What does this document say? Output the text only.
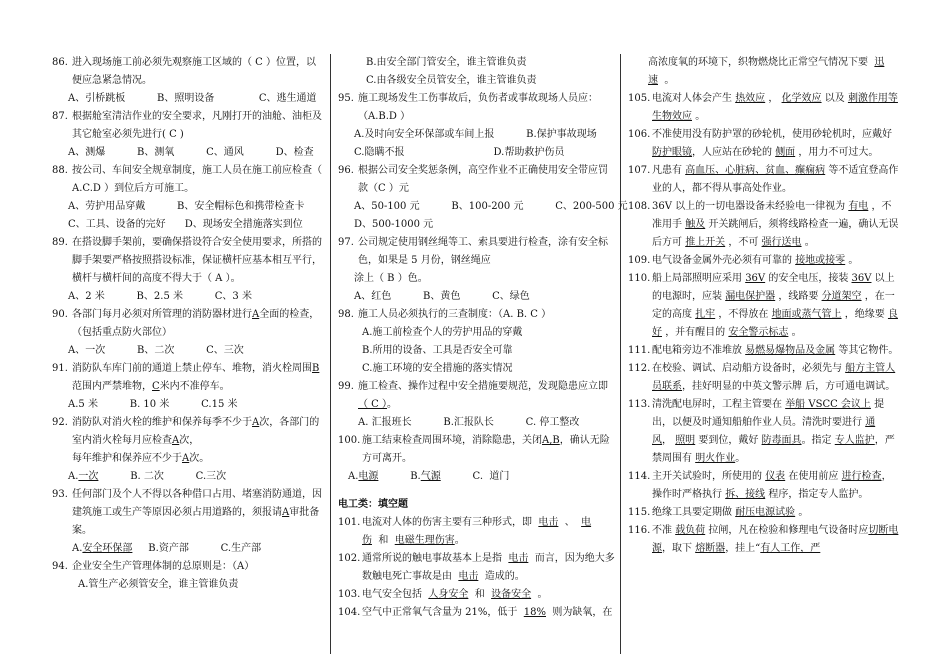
86. 进入现场施工前必须先观察施工区域的（ C ）位置，以便应急紧急情况。
A、引桥跳板          B、照明设备              C、逃生通道
87. 根据舱室清洁作业的安全要求，凡刚打开的油舱、油柜及其它舱室必须先进行( C )
A、测爆          B、测氧          C、通风          D、检查
88. 按公司、车间安全规章制度，施工人员在施工前应检查（ A.C.D ）到位后方可施工。
A、劳护用品穿戴          B、安全帽标色和携带检查卡
C、工具、设备的完好      D、现场安全措施落实到位
89. 在搭设脚手架前，要确保搭设符合安全使用要求，所搭的脚手架要严格按照搭设标准，保证横杆应基本相互平行，横杆与横杆间的高度不得大于（ A ）。
A、2 米          B、2.5 米          C、3 米
90. 各部门每月必须对所管理的消防器材进行A全面的检查，（包括重点防火部位）
A、一次          B、二次          C、三次
91. 消防队车库门前的通道上禁止停车、堆物，消火栓周围B范围内严禁堆物，C米内不准停车。
A.5 米          B. 10 米          C.15 米
92. 消防队对消火栓的维护和保养每季不少于A次，各部门的室内消火栓每月应检查A次，
每年维护和保养应不少于A次。
A.一次          B. 二次          C.三次
93. 任何部门及个人不得以各种借口占用、堵塞消防通道，因建筑施工或生产等原因必须占用道路的，须报请A审批备案。
A.安全环保部     B.资产部          C.生产部
94. 企业安全生产管理体制的总原则是：（A）
A.管生产必须管安全，谁主管谁负责
B.由安全部门管安全，谁主管谁负责
C.由各级安全员管安全，谁主管谁负责
95. 施工现场发生工伤事故后，负伤者或事故现场人员应：（A.B.D ）
A.及时向安全环保部或车间上报          B.保护事故现场
C.隐瞒不报                            D.帮助救护伤员
96. 根据公司安全奖惩条例，高空作业不正确使用安全带应罚款（C ）元
A、50-100 元          B、100-200 元          C、200-500 元
D、500-1000 元
97. 公司规定使用钢丝绳等工、索具要进行检查，涂有安全标色，如果是 5 月份，钢丝绳应
涂上（ B ）色。
A、红色          B、黄色          C、绿色
98. 施工人员必须执行的三查制度：（A. B. C ）
A.施工前检查个人的劳护用品的穿戴
B.所用的设备、工具是否安全可靠
C.施工环境的安全措施的落实情况
99. 施工检查、操作过程中安全措施要规范，发现隐患应立即（ C ）。
A. 汇报班长          B.汇报队长          C. 停工整改
100. 施工结束检查周围环境，消除隐患，关闭A,B，确认无险方可离开。
A.电源	B.气源	C.  道门
电工类：填空题
101. 电流对人体的伤害主要有三种形式，即 电击 、 电伤 和 电磁生理伤害。
102. 通常所说的触电事故基本上是指 电击 而言，因为绝大多数触电死亡事故是由 电击 造成的。
103. 电气安全包括 人身安全 和 设备安全 。
104. 空气中正常氧气含量为 21%，低于 18% 则为缺氧，在
高浓度氧的环境下，织物燃烧比正常空气情况下要 迅速 。
105. 电流对人体会产生 热效应 ， 化学效应 以及 刺激作用等生物效应 。
106. 不准使用没有防护罩的砂轮机，使用砂轮机时，应戴好防护眼镜，人应站在砂轮的 侧面 ，用力不可过大。
107. 凡患有 高血压、心脏病、贫血、癫痫病 等不适宜登高作业的人，都不得从事高处作业。
108. 36V 以上的一切电器设备未经验电一律视为 有电 ，不准用手 触及 开关跳闸后，须将线路检查一遍，确认无误后方可 推上开关 ，不可 强行送电 。
109. 电气设备金属外壳必须有可靠的 接地或接零 。
110. 船上局部照明应采用 36V 的安全电压，接装 36V 以上的电源时，应装 漏电保护器 ，线路要 分道架空 ，在一定的高度 扎牢 ，不得放在 地面或蒸气管上 ，绝缘要 良好 ，并有醒目的 安全警示标志 。
111. 配电箱旁边不准堆放 易燃易爆物品及金属 等其它物件。
112. 在校验、调试、启动船方设备时，必须先与 船方主管人员联系，挂好明显的中英文警示牌 后，方可通电调试。
113. 清洗配电屏时，工程主管要在 举船 VSCC 会议上 提出，以便及时通知船舶作业人员。清洗时要进行 通风， 照明 要到位，戴好 防毒面具。指定 专人监护，严禁周围有 明火作业。
114. 主开关试验时，所使用的 仪表 在使用前应 进行检查，操作时严格执行 拆、接线 程序，指定专人监护。
115. 绝缘工具要定期做 耐压电源试验 。
116. 不准 载负荷 拉闸，凡在检验和修理电气设备时应切断电源，取下 熔断器，挂上“有人工作，严
